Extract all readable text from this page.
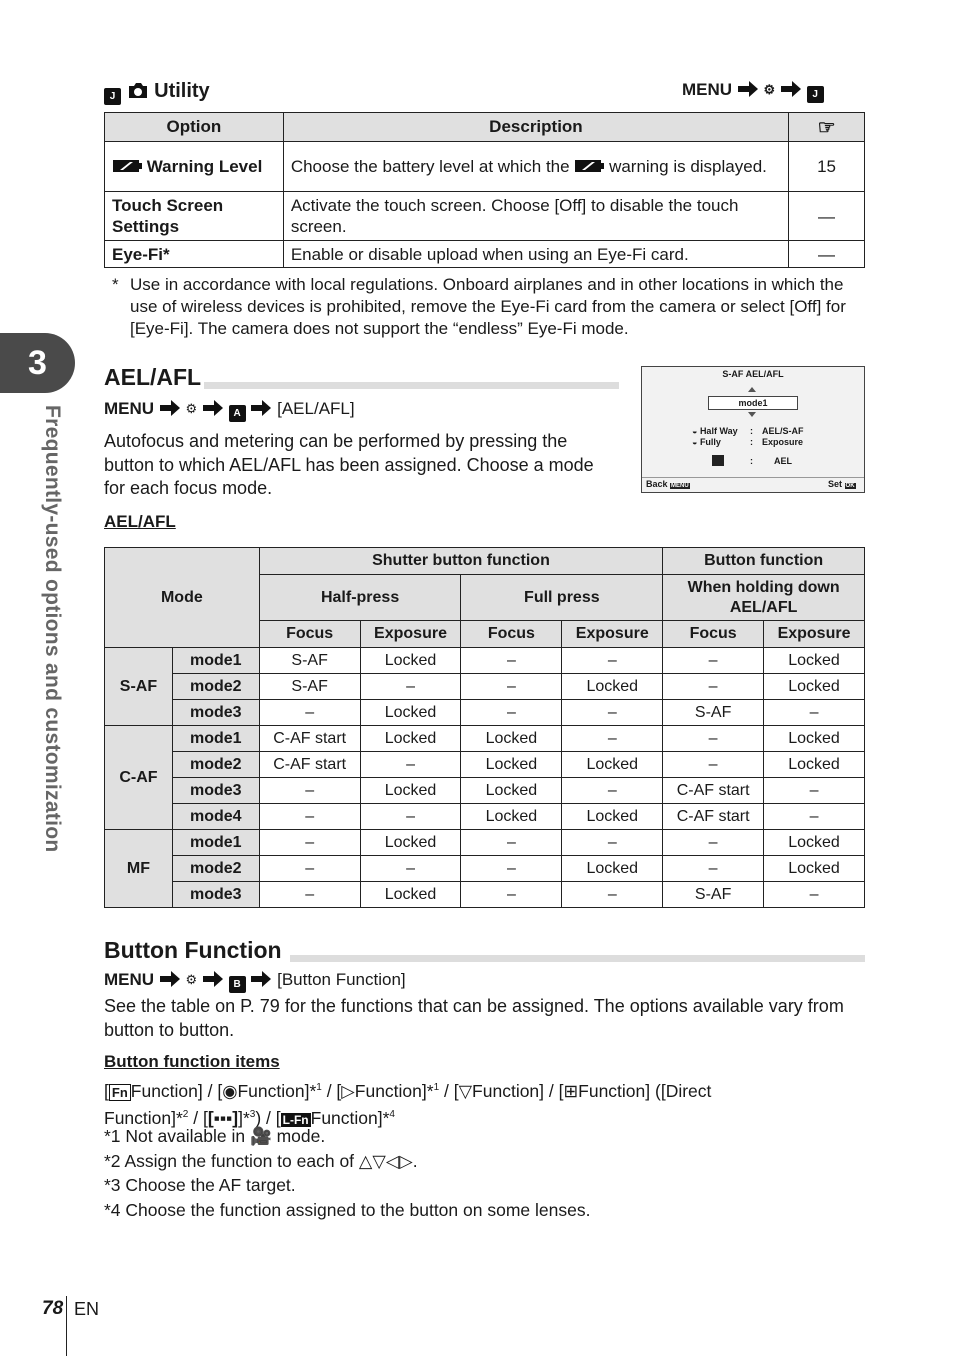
3
Frequently-used options and customization
J Utility	MENU ⚙	J
Option	Description	☞
Warning Level	Choose the battery level at which the warning is displayed.	15
Touch Screen Settings	Activate the touch screen. Choose [Off] to disable the touch screen.	—
Eye-Fi*	Enable or disable upload when using an Eye-Fi card.	—
* Use in accordance with local regulations. Onboard airplanes and in other locations in which the use of wireless devices is prohibited, remove the Eye-Fi card from the camera or select [Off] for [Eye-Fi]. The camera does not support the “endless” Eye-Fi mode.
AEL/AFL
MENU ⚙	A [AEL/AFL]
Autofocus and metering can be performed by pressing the button to which AEL/AFL has been assigned. Choose a mode for each focus mode.
S-AF AEL/AFL
mode1
◒ Half Way : AEL/S-AF
◒ Fully	: Exposure
: AEL
Back MENU	Set OK
AEL/AFL
Mode		Shutter button function				Button function	
		Half-press		Full press		When holding down AEL/AFL	
		Focus	Exposure	Focus	Exposure	Focus	Exposure
S-AF	mode1	S-AF	Locked	–	–	–	Locked
	mode2	S-AF	–	–	Locked	–	Locked
	mode3	–	Locked	–	–	S-AF	–
C-AF	mode1	C-AF start	Locked	Locked	–	–	Locked
	mode2	C-AF start	–	Locked	Locked	–	Locked
	mode3	–	Locked	Locked	–	C-AF start	–
	mode4	–	–	Locked	Locked	C-AF start	–
MF	mode1	–	Locked	–	–	–	Locked
	mode2	–	–	–	Locked	–	Locked
	mode3	–	Locked	–	–	S-AF	–
Button Function
MENU ⚙	B [Button Function]
See the table on P. 79 for the functions that can be assigned. The options available vary from button to button.
Button function items
[ Fn Function] / [◉Function]*$^1$ / [▷Function]*$^1$ / [▽Function] / [⊞Function] ([Direct
Function]*$^2$ / [[▪▪▪]]*$^3$) / [ L-Fn Function]*$^4$
*1 Not available in 🎥 mode.
*2 Assign the function to each of △▽◁▷.
*3 Choose the AF target.
*4 Choose the function assigned to the button on some lenses.
78 EN
